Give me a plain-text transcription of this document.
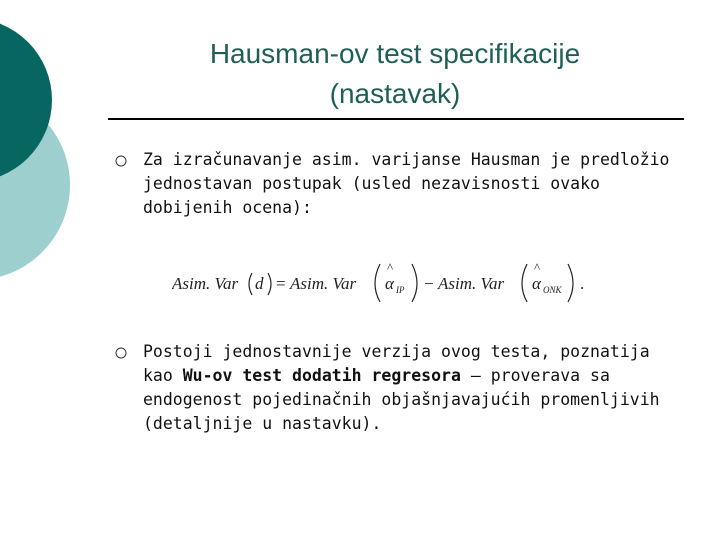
Hausman-ov test specifikacije
(nastavak)
Za izračunavanje asim. varijanse Hausman je predložio jednostavan postupak (usled nezavisnosti ovako dobijenih ocena):
Asim. Var d = Asim. Var
^
α IP − Asim. Var
^
α ONK .
Postoji jednostavnije verzija ovog testa, poznatija kao Wu-ov test dodatih regresora – proverava sa endogenost pojedinačnih objašnjavajućih promenljivih (detaljnije u nastavku).
